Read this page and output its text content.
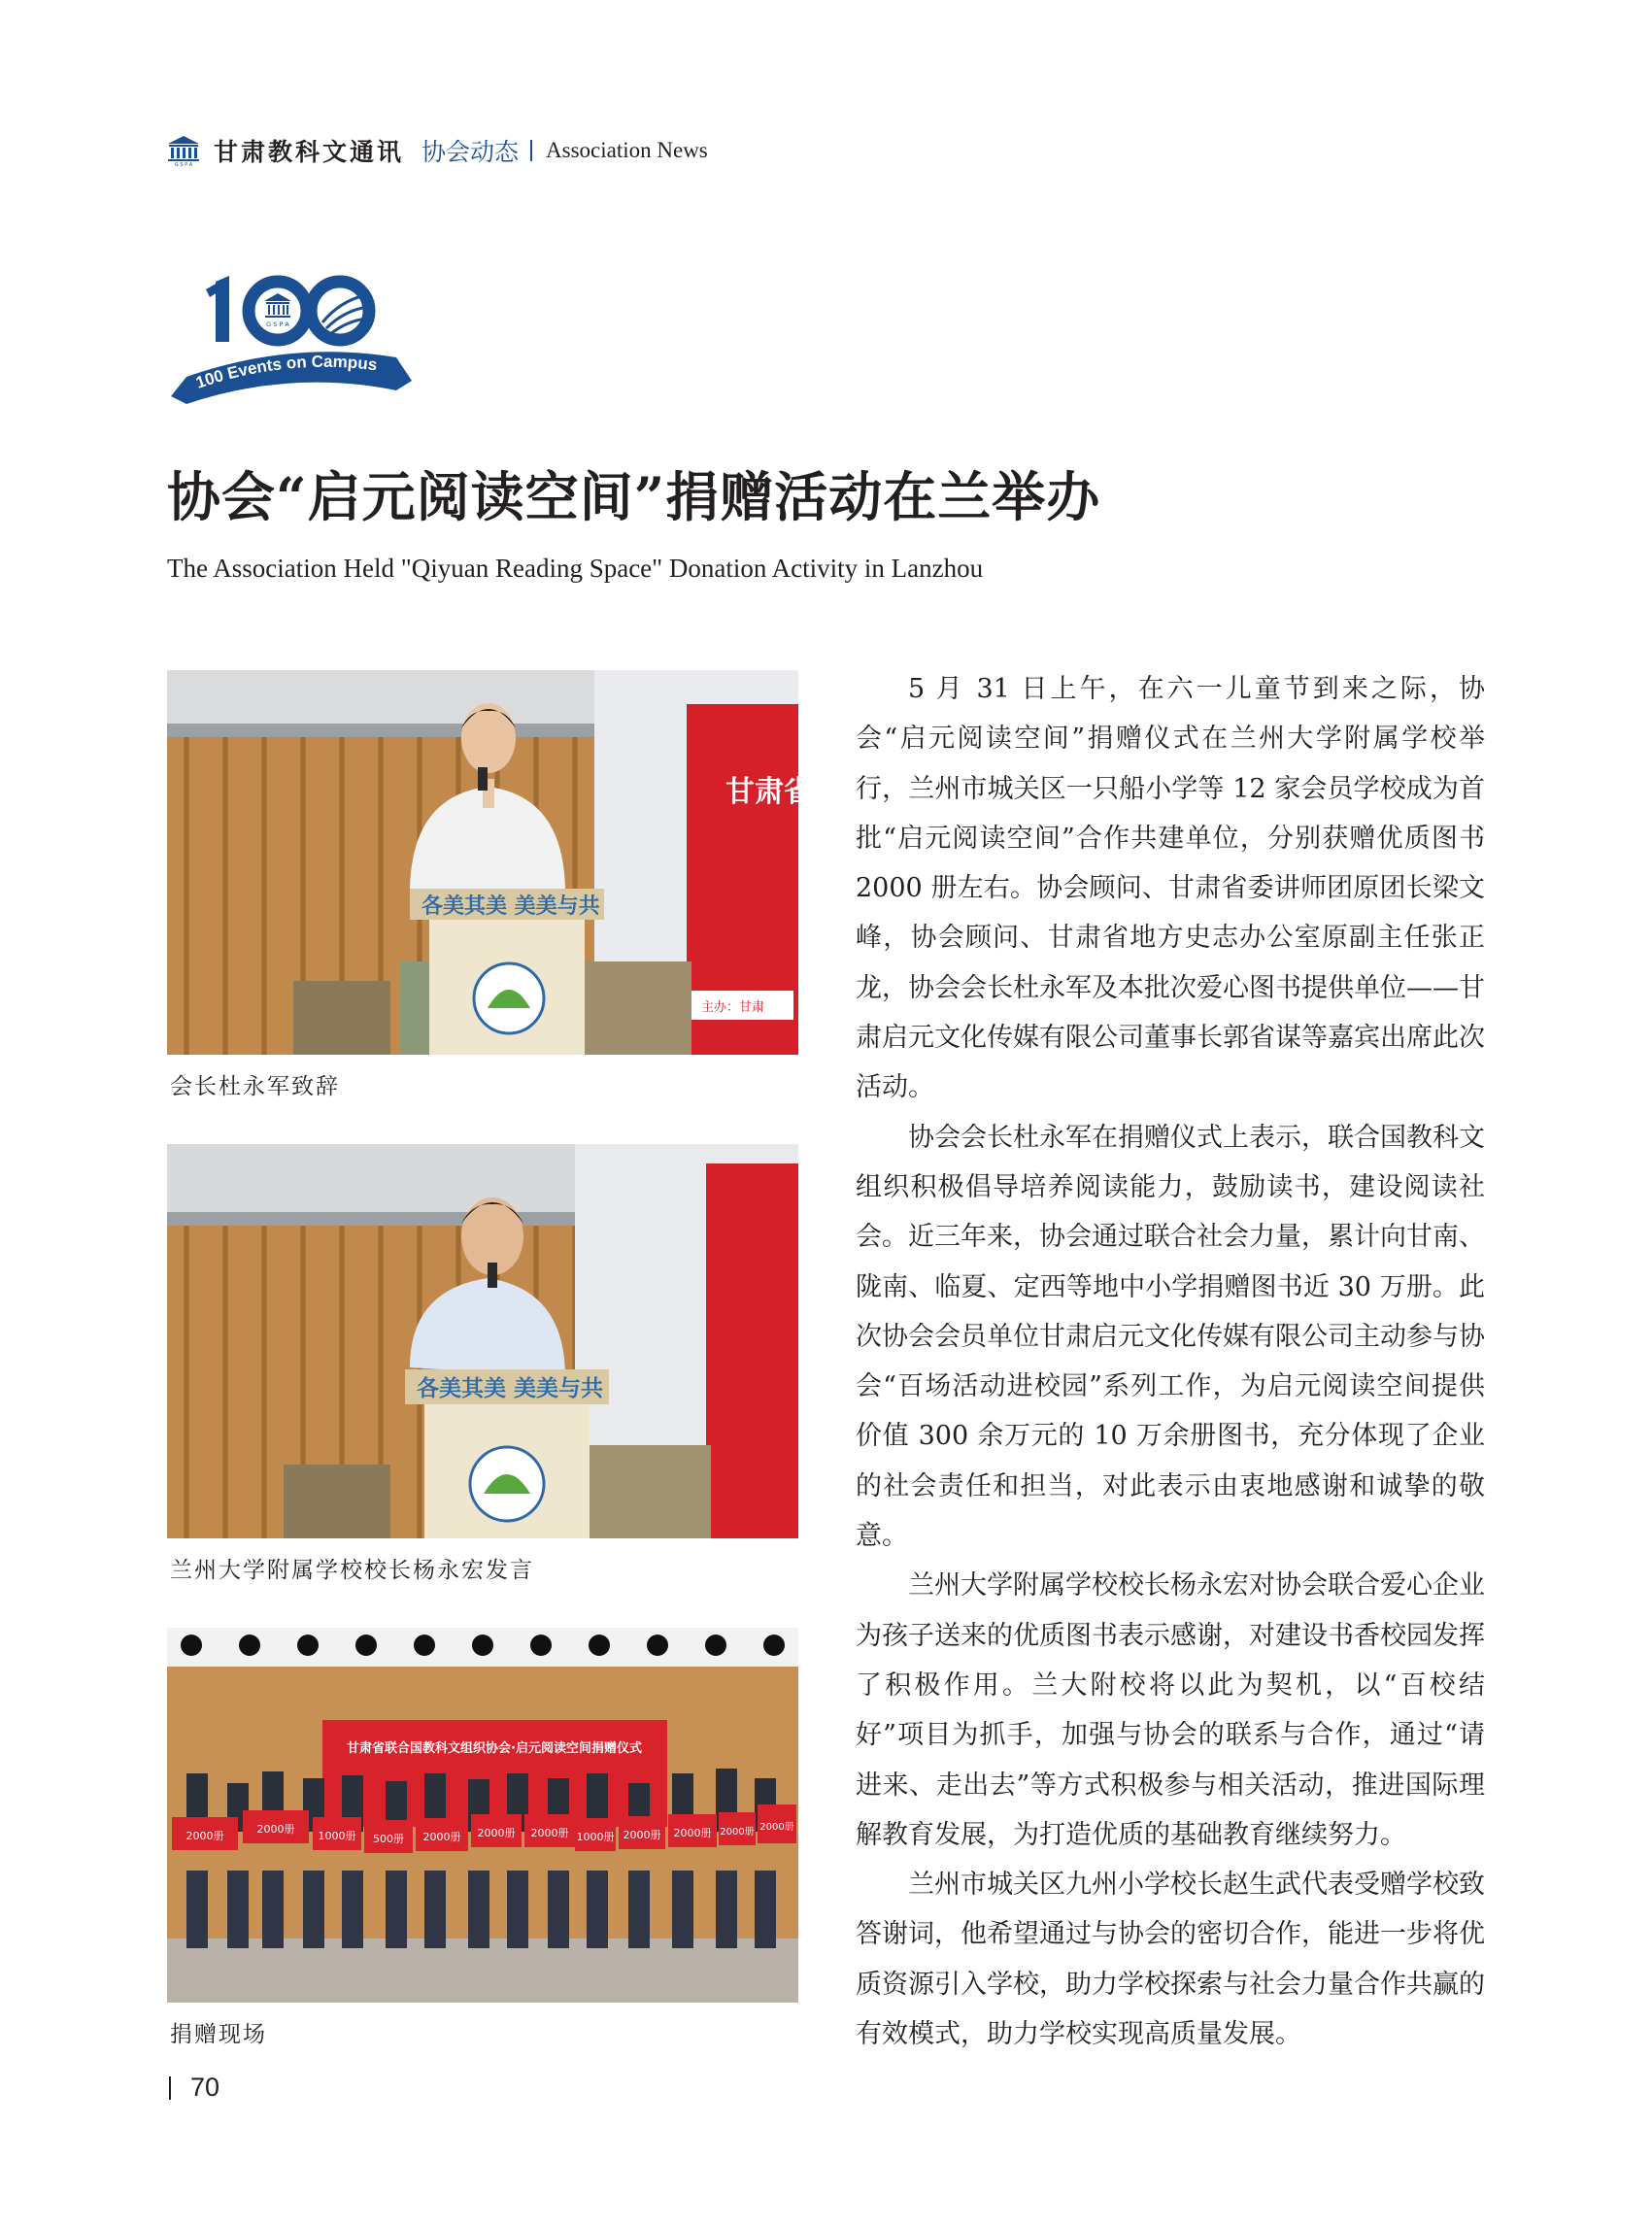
G S P A 甘肃教科文通讯 协会动态 Association News
G S P A
100 Events on Campus
协会“启元阅读空间”捐赠活动在兰举办
The Association Held "Qiyuan Reading Space" Donation Activity in Lanzhou
甘肃省
主办：甘肃
各美其美 美美与共
会长杜永军致辞
各美其美 美美与共
兰州大学附属学校校长杨永宏发言
甘肃省联合国教科文组织协会·启元阅读空间捐赠仪式
2000册
2000册
1000册 500册 2000册 2000册 2000册 1000册 2000册 2000册 2000册 2000册
捐赠现场

5 月 31 日上午，在六一儿童节到来之际，协会“启元阅读空间”捐赠仪式在兰州大学附属学校举行，兰州市城关区一只船小学等 12 家会员学校成为首批“启元阅读空间”合作共建单位，分别获赠优质图书 2000 册左右。协会顾问、甘肃省委讲师团原团长梁文峰，协会顾问、甘肃省地方史志办公室原副主任张正龙，协会会长杜永军及本批次爱心图书提供单位——甘肃启元文化传媒有限公司董事长郭省谋等嘉宾出席此次活动。

协会会长杜永军在捐赠仪式上表示，联合国教科文组织积极倡导培养阅读能力，鼓励读书，建设阅读社会。近三年来，协会通过联合社会力量，累计向甘南、陇南、临夏、定西等地中小学捐赠图书近 30 万册。此次协会会员单位甘肃启元文化传媒有限公司主动参与协会“百场活动进校园”系列工作，为启元阅读空间提供价值 300 余万元的 10 万余册图书，充分体现了企业的社会责任和担当，对此表示由衷地感谢和诚挚的敬意。

兰州大学附属学校校长杨永宏对协会联合爱心企业为孩子送来的优质图书表示感谢，对建设书香校园发挥了积极作用。兰大附校将以此为契机，以“百校结好”项目为抓手，加强与协会的联系与合作，通过“请进来、走出去”等方式积极参与相关活动，推进国际理解教育发展，为打造优质的基础教育继续努力。

兰州市城关区九州小学校长赵生武代表受赠学校致答谢词，他希望通过与协会的密切合作，能进一步将优质资源引入学校，助力学校探索与社会力量合作共赢的有效模式，助力学校实现高质量发展。

70
